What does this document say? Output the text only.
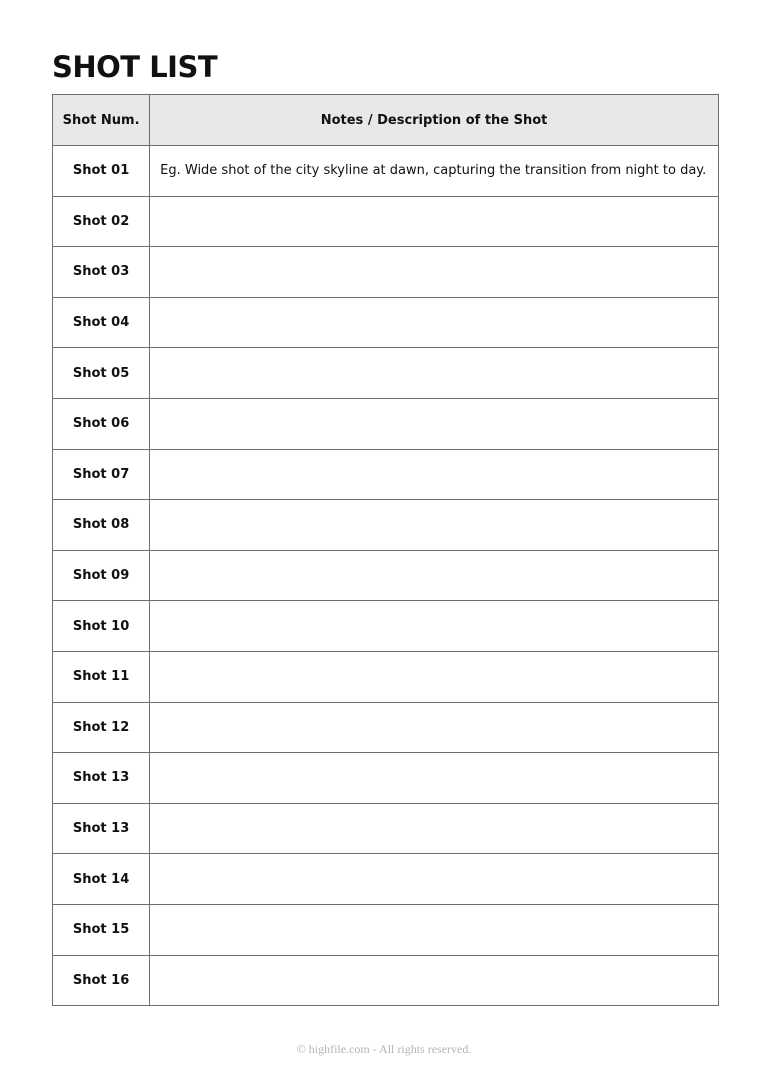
SHOT LIST
Shot Num.	Notes / Description of the Shot
Shot 01	Eg. Wide shot of the city skyline at dawn, capturing the transition from night to day.
Shot 02	
Shot 03	
Shot 04	
Shot 05	
Shot 06	
Shot 07	
Shot 08	
Shot 09	
Shot 10	
Shot 11	
Shot 12	
Shot 13	
Shot 13	
Shot 14	
Shot 15	
Shot 16	
© highfile.com - All rights reserved.
